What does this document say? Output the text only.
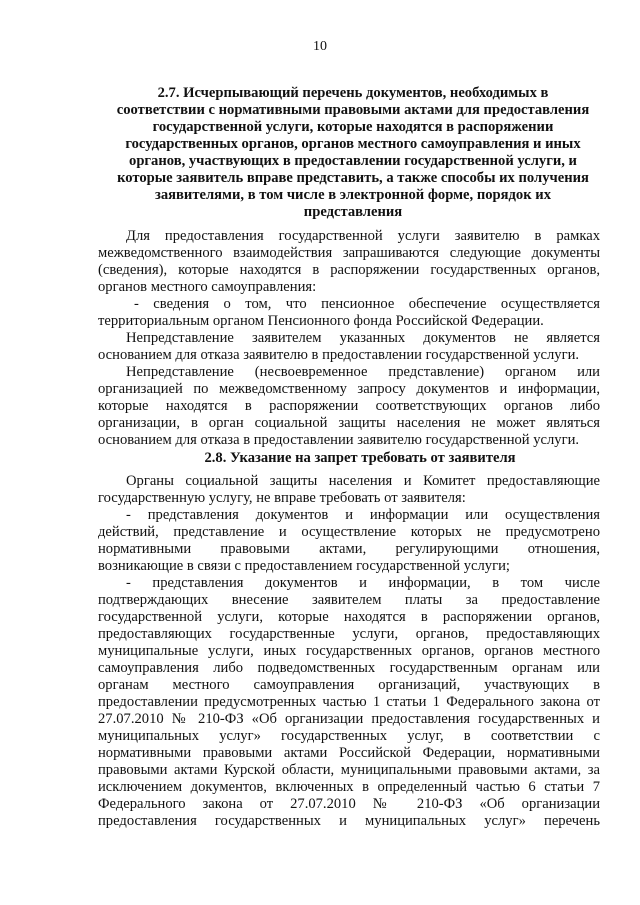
10
2.7. Исчерпывающий перечень документов, необходимых в
соответствии с нормативными правовыми актами для предоставления
государственной услуги, которые находятся в распоряжении
государственных органов, органов местного самоуправления и иных
органов, участвующих в предоставлении государственной услуги, и
которые заявитель вправе представить, а также способы их получения
заявителями, в том числе в электронной форме, порядок их
представления
Для предоставления государственной услуги заявителю в рамках
межведомственного взаимодействия запрашиваются следующие документы
(сведения), которые находятся в распоряжении государственных органов,
органов местного самоуправления:
- сведения о том, что пенсионное обеспечение осуществляется
территориальным органом Пенсионного фонда Российской Федерации.
Непредставление заявителем указанных документов не является
основанием для отказа заявителю в предоставлении государственной услуги.
Непредставление (несвоевременное представление) органом или
организацией по межведомственному запросу документов и информации,
которые находятся в распоряжении соответствующих органов либо
организации, в орган социальной защиты населения не может являться
основанием для отказа в предоставлении заявителю государственной услуги.
2.8. Указание на запрет требовать от заявителя
Органы социальной защиты населения и Комитет предоставляющие
государственную услугу, не вправе требовать от заявителя:
- представления документов и информации или осуществления
действий, представление и осуществление которых не предусмотрено
нормативными правовыми актами, регулирующими отношения,
возникающие в связи с предоставлением государственной услуги;
- представления документов и информации, в том числе
подтверждающих внесение заявителем платы за предоставление
государственной услуги, которые находятся в распоряжении органов,
предоставляющих государственные услуги, органов, предоставляющих
муниципальные услуги, иных государственных органов, органов местного
самоуправления либо подведомственных государственным органам или
органам местного самоуправления организаций, участвующих в
предоставлении предусмотренных частью 1 статьи 1 Федерального закона от
27.07.2010 № 210-ФЗ «Об организации предоставления государственных и
муниципальных услуг» государственных услуг, в соответствии с
нормативными правовыми актами Российской Федерации, нормативными
правовыми актами Курской области, муниципальными правовыми актами, за
исключением документов, включенных в определенный частью 6 статьи 7
Федерального закона от 27.07.2010 № 210-ФЗ «Об организации
предоставления государственных и муниципальных услуг» перечень
